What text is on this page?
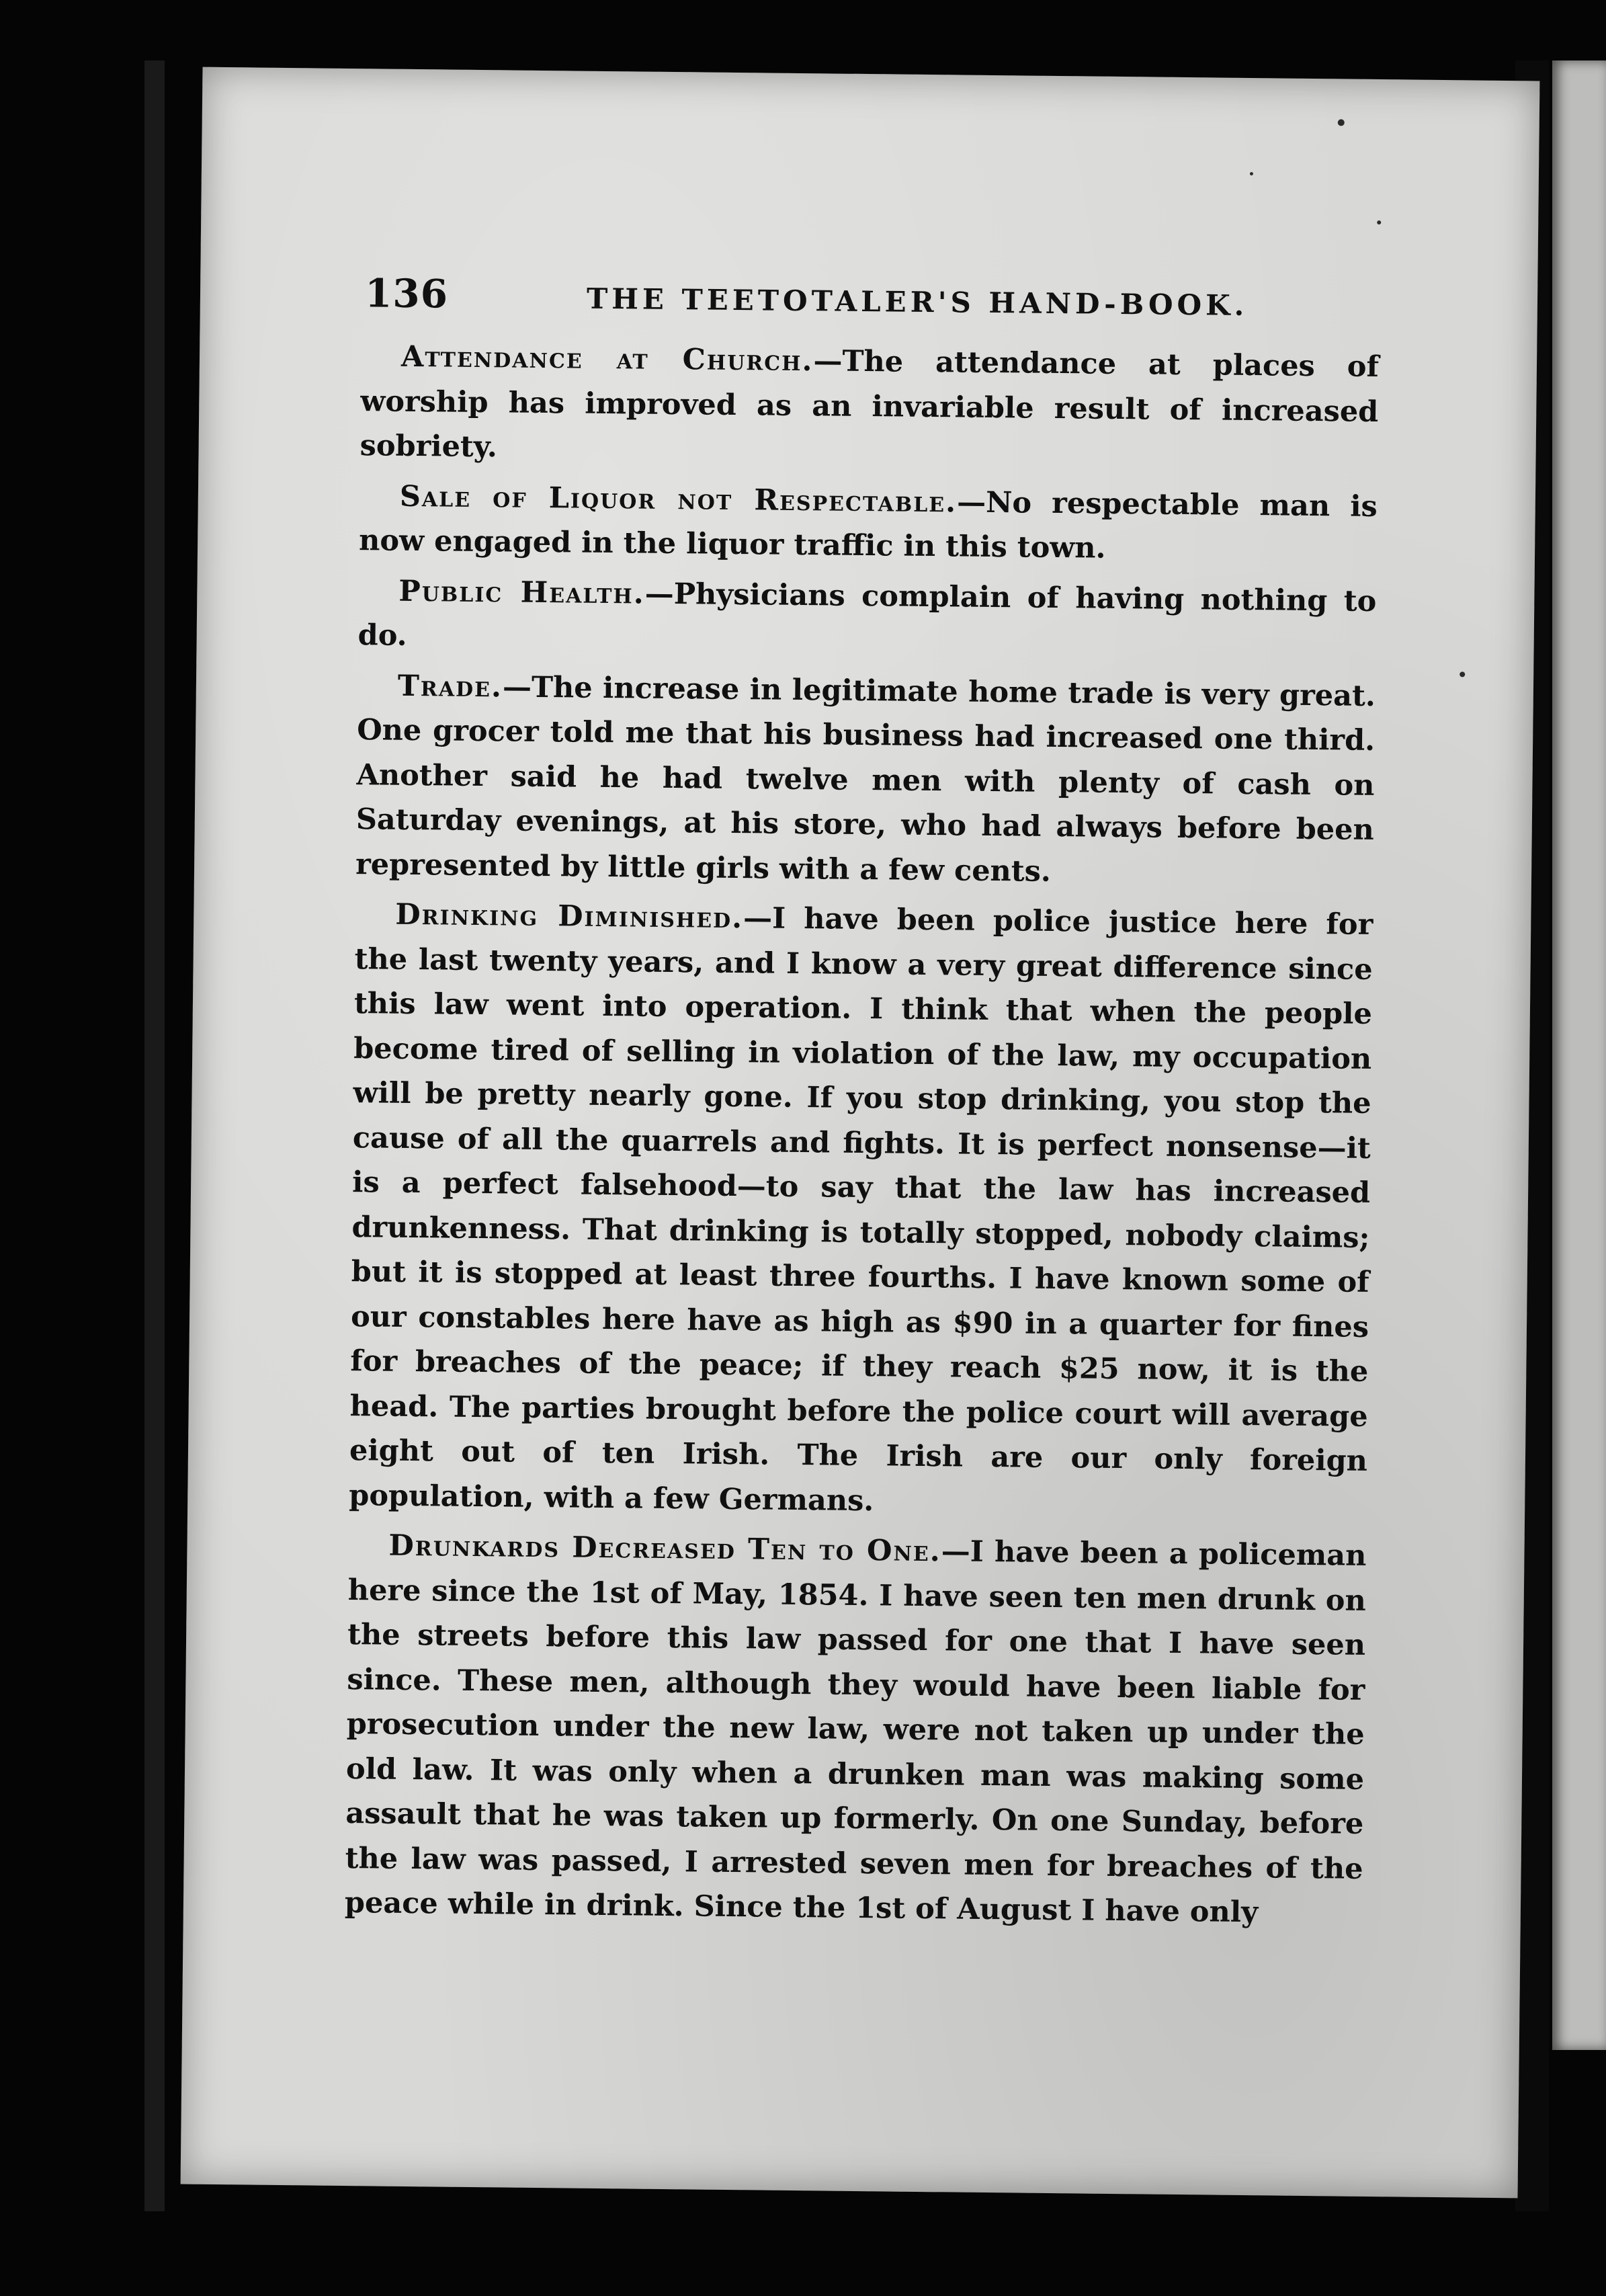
136	THE TEETOTALER'S HAND-BOOK.

Attendance at Church.—The attendance at places of worship has improved as an invariable result of increased sobriety.

Sale of Liquor not Respectable.—No respectable man is now engaged in the liquor traffic in this town.

Public Health.—Physicians complain of having nothing to do.

Trade.—The increase in legitimate home trade is very great. One grocer told me that his business had increased one third. Another said he had twelve men with plenty of cash on Saturday evenings, at his store, who had always before been represented by little girls with a few cents.

Drinking Diminished.—I have been police justice here for the last twenty years, and I know a very great difference since this law went into operation. I think that when the people become tired of selling in violation of the law, my occupation will be pretty nearly gone. If you stop drinking, you stop the cause of all the quarrels and fights. It is perfect nonsense—it is a perfect falsehood—to say that the law has increased drunkenness. That drinking is totally stopped, nobody claims; but it is stopped at least three fourths. I have known some of our constables here have as high as $90 in a quarter for fines for breaches of the peace; if they reach $25 now, it is the head. The parties brought before the police court will average eight out of ten Irish. The Irish are our only foreign population, with a few Germans.

Drunkards Decreased Ten to One.—I have been a policeman here since the 1st of May, 1854. I have seen ten men drunk on the streets before this law passed for one that I have seen since. These men, although they would have been liable for prosecution under the new law, were not taken up under the old law. It was only when a drunken man was making some assault that he was taken up formerly. On one Sunday, before the law was passed, I arrested seven men for breaches of the peace while in drink. Since the 1st of August I have only
